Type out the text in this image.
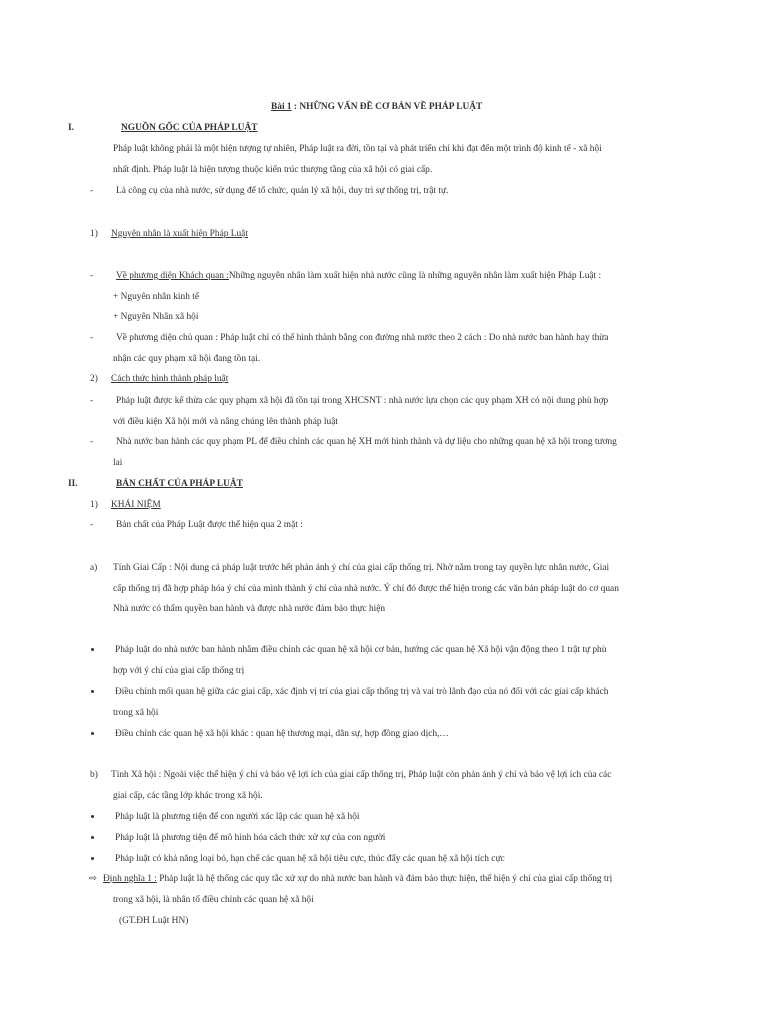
Bài 1 : NHỮNG VẤN ĐỀ CƠ BẢN VỀ PHÁP LUẬT
I.	NGUỒN GỐC CỦA PHÁP LUẬT
Pháp luật không phải là một hiện tượng tự nhiên, Pháp luật ra đời, tồn tại và phát triển chỉ khi đạt đến một trình độ kinh tế - xã hội
nhất định. Pháp luật là hiện tượng thuộc kiến trúc thượng tầng của xã hội có giai cấp.
- Là công cụ của nhà nước, sử dụng để tổ chức, quản lý xã hội, duy trì sự thống trị, trật tự.
1) Nguyên nhân là xuất hiện Pháp Luật
- Về phương diện Khách quan :Những nguyên nhân làm xuất hiện nhà nước cũng là những nguyên nhân làm xuất hiện Pháp Luật :
+ Nguyên nhân kinh tế
+ Nguyên Nhân xã hội
- Về phương diện chủ quan : Pháp luật chỉ có thể hình thành bằng con đường nhà nước theo 2 cách : Do nhà nước ban hành hay thừa
nhận các quy phạm xã hội đang tồn tại.
2) Cách thức hình thành pháp luật
- Pháp luật được kế thừa các quy phạm xã hội đã tồn tại trong XHCSNT : nhà nước lựa chọn các quy phạm XH có nội dung phù hợp
với điều kiện Xã hội mới và nâng chúng lên thành pháp luật
- Nhà nước ban hành các quy phạm PL để điều chỉnh các quan hệ XH mới hình thành và dự liệu cho những quan hệ xã hội trong tương
lai
II.	BẢN CHẤT CỦA PHÁP LUẬT
1) KHÁI NIỆM
- Bản chất của Pháp Luật được thể hiện qua 2 mặt :
a) Tính Giai Cấp : Nội dung cả pháp luật trước hết phản ánh ý chí của giai cấp thống trị. Nhờ nắm trong tay quyền lực nhân nước, Giai
cấp thống trị đã hợp pháp hóa ý chí của mình thành ý chí của nhà nước. Ý chí đó được thể hiện trong các văn bản pháp luật do cơ quan
Nhà nước có thẩm quyền ban hành và được nhà nước đảm bảo thực hiện
Pháp luật do nhà nước ban hành nhằm điều chỉnh các quan hệ xã hội cơ bản, hướng các quan hệ Xã hội vận động theo 1 trật tự phù
hợp với ý chí của giai cấp thống trị
Điều chỉnh mối quan hệ giữa các giai cấp, xác định vị trí của giai cấp thống trị và vai trò lãnh đạo của nó đối với các giai cấp khách
trong xã hội
Điều chỉnh các quan hệ xã hội khác : quan hệ thương mại, dân sự, hợp đồng giao dịch,…
b) Tính Xã hội : Ngoài việc thể hiện ý chí và bảo vệ lợi ích của giai cấp thống trị, Pháp luật còn phản ánh ý chí và bảo vệ lợi ích của các
giai cấp, các tầng lớp khác trong xã hội.
Pháp luật là phương tiện để con người xác lập các quan hệ xã hội
Pháp luật là phương tiện để mô hình hóa cách thức xử xự của con người
Pháp luật có khả năng loại bỏ, hạn chế các quan hệ xã hội tiêu cực, thúc đẩy các quan hệ xã hội tích cực
⇨ Định nghĩa 1 : Pháp luật là hệ thống các quy tắc xử xự do nhà nước ban hành và đảm bảo thực hiện, thể hiện ý chí của giai cấp thống trị
trong xã hội, là nhân tố điều chỉnh các quan hệ xã hội
(GT.ĐH Luật HN)
